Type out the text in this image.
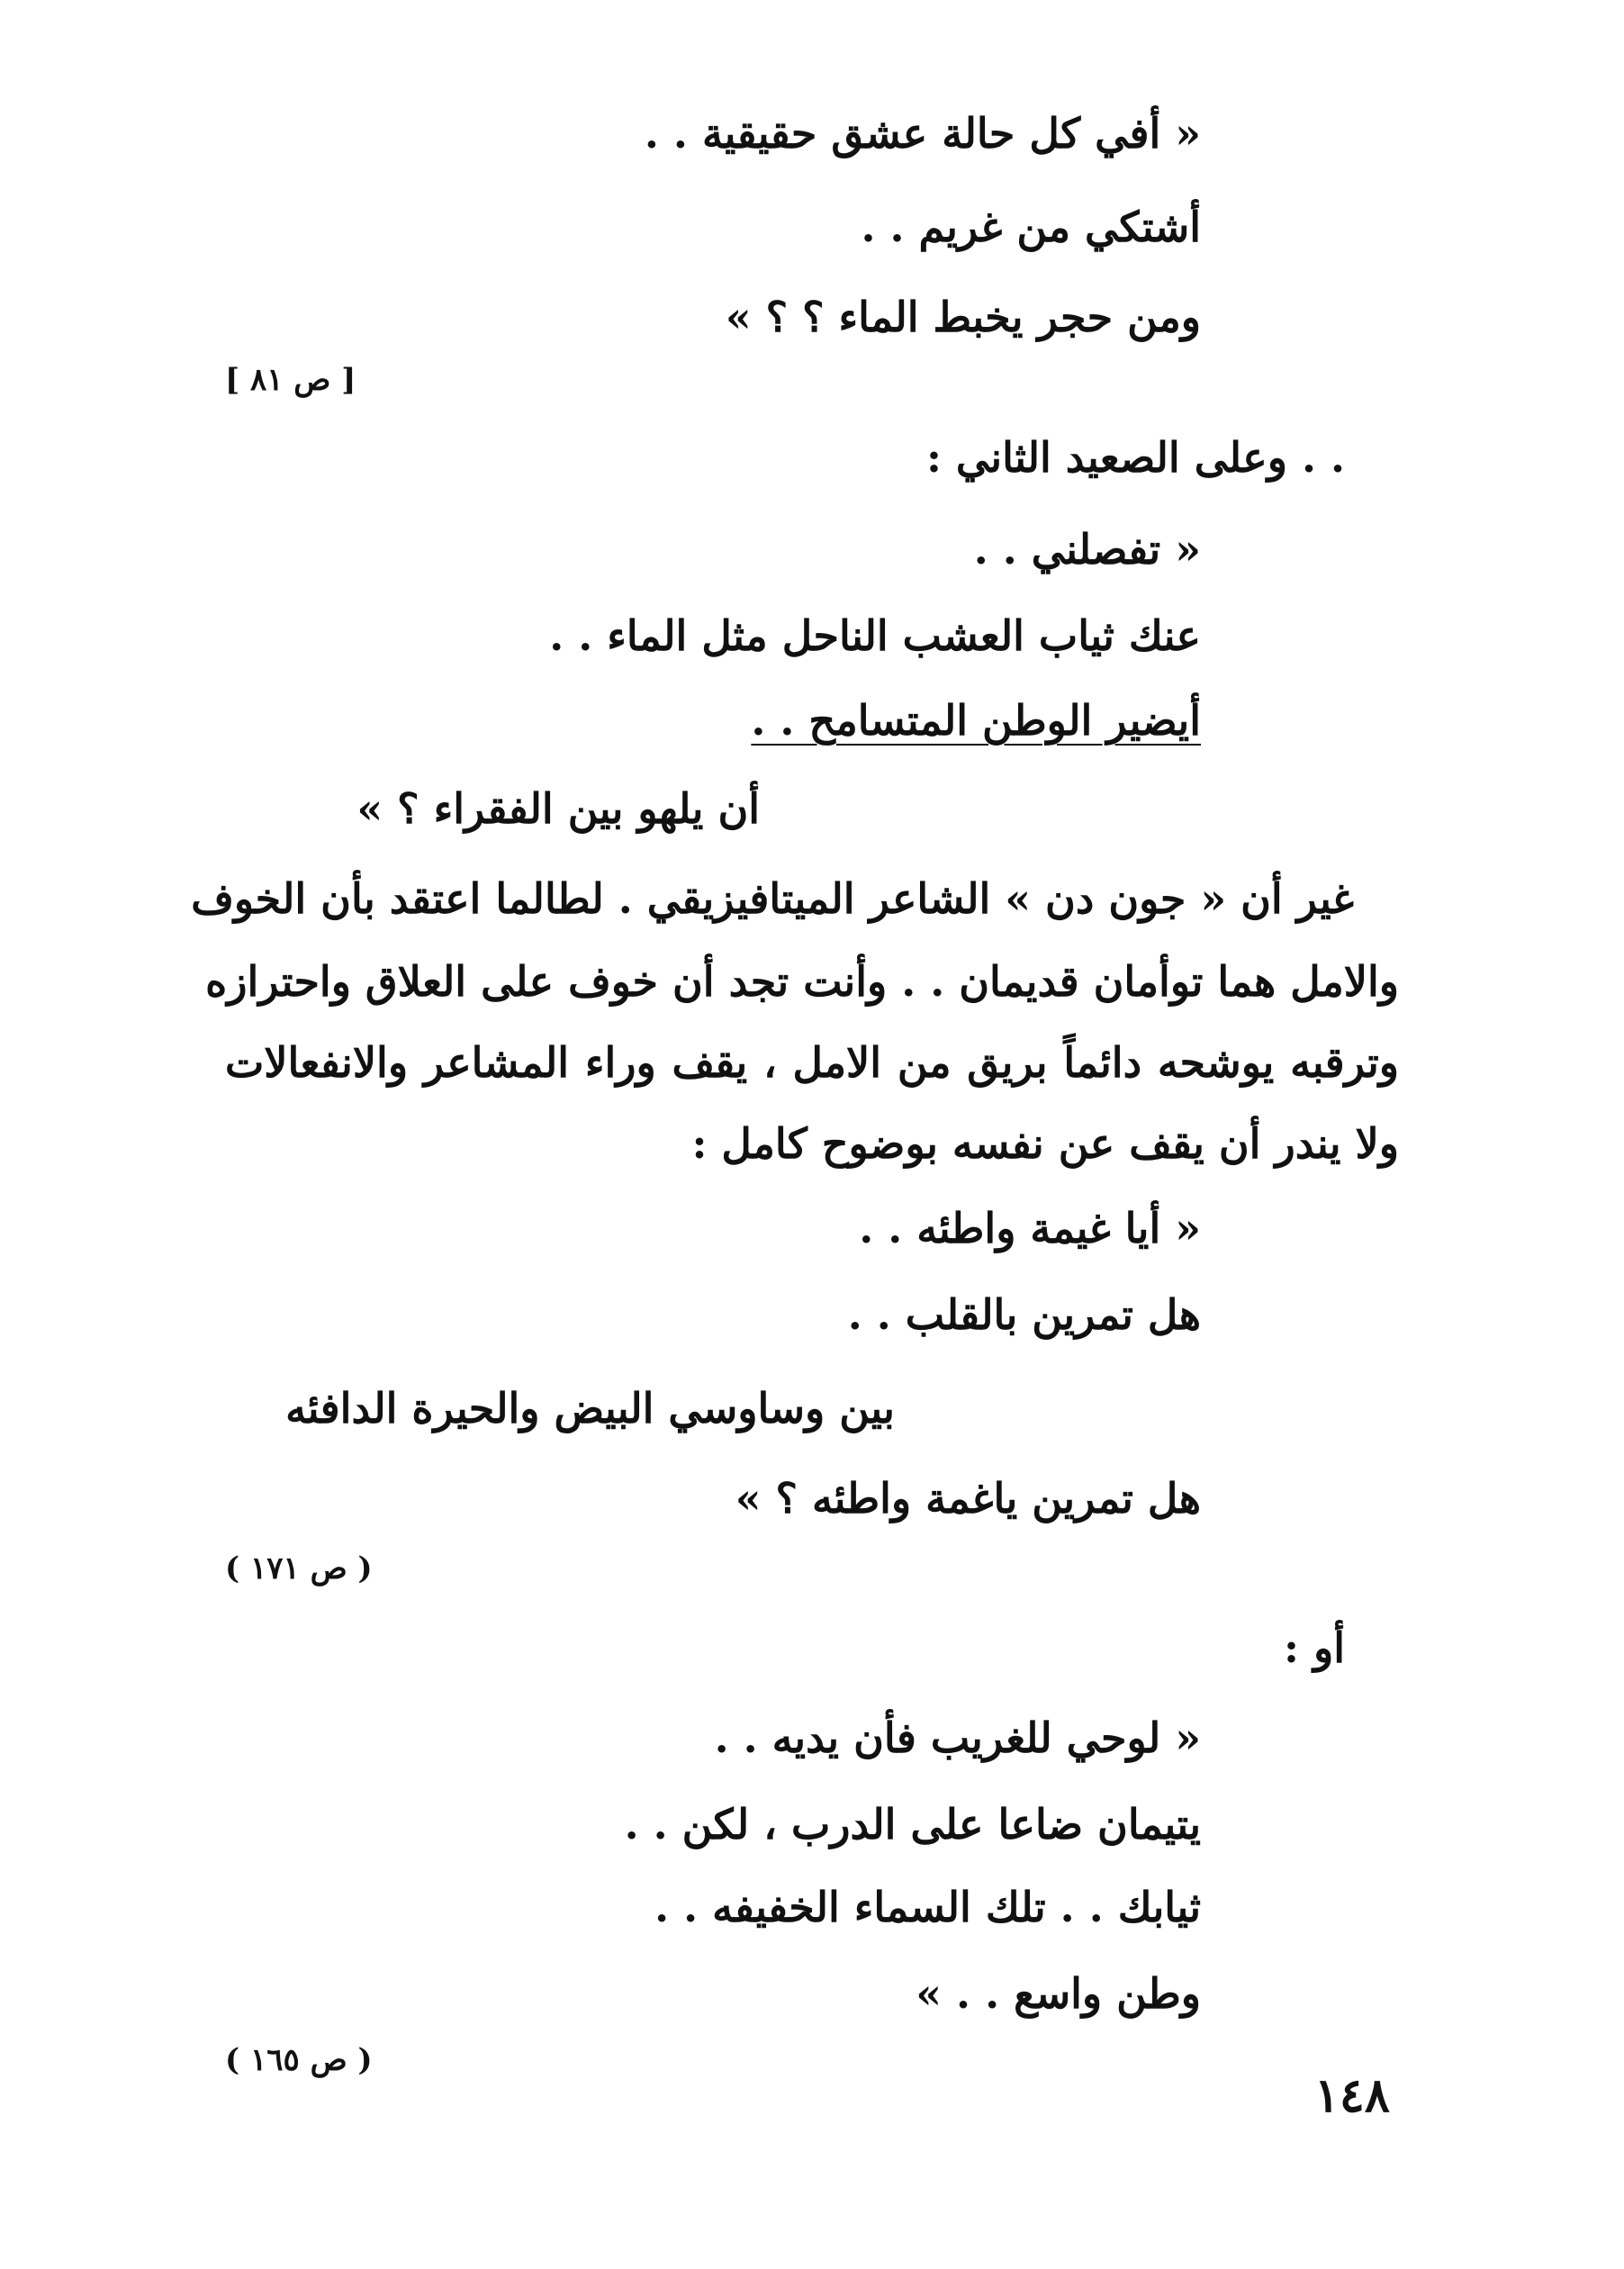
« أفي كل حالة عشق حقيقية . .
أشتكي من غريم . .
ومن حجر يخبط الماء ؟ ؟ »
[ ص ٨١ ]
. . وعلى الصعيد الثاني :
« تفصلني . .
عنك ثياب العشب الناحل مثل الماء . .
أيضير الوطن المتسامح . .
أن يلهو بين الفقراء ؟ »
غير أن « جون دن » الشاعر الميتافيزيقي . لطالما اعتقد بأن الخوف
والامل هما توأمان قديمان . . وأنت تجد أن خوف على العلاق واحترازه
وترقبه يوشحه دائماً بريق من الامل ، يقف وراء المشاعر والانفعالات
ولا يندر أن يقف عن نفسه بوضوح كامل :
« أيا غيمة واطئه . .
هل تمرين بالقلب . .
بين وساوسي البيض والحيرة الدافئه
هل تمرين ياغمة واطئه ؟ »
( ص ١٧١ )
أو :
« لوحي للغريب فأن يديه . .
يتيمان ضاعا على الدرب ، لكن . .
ثيابك . . تلك السماء الخفيفه . .
وطن واسع . . »
( ص ١٦٥ )
١٤٨
